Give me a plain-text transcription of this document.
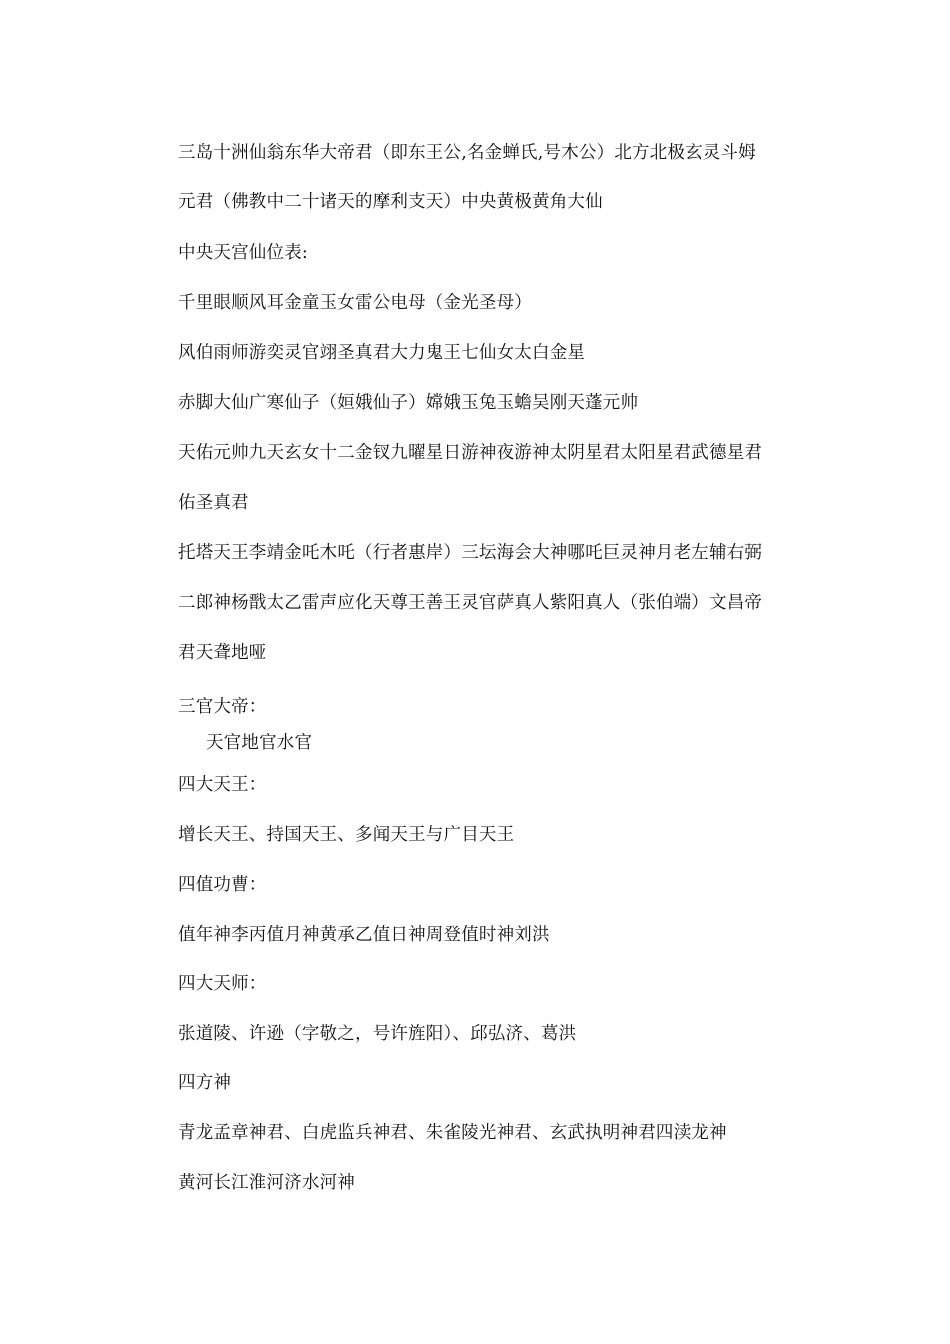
三岛十洲仙翁东华大帝君（即东王公,名金蝉氏,号木公）北方北极玄灵斗姆
元君（佛教中二十诸天的摩利支天）中央黄极黄角大仙
中央天宫仙位表:
千里眼顺风耳金童玉女雷公电母（金光圣母）
风伯雨师游奕灵官翊圣真君大力鬼王七仙女太白金星
赤脚大仙广寒仙子（姮娥仙子）嫦娥玉兔玉蟾吴刚天蓬元帅
天佑元帅九天玄女十二金钗九曜星日游神夜游神太阴星君太阳星君武德星君
佑圣真君
托塔天王李靖金吒木吒（行者惠岸）三坛海会大神哪吒巨灵神月老左辅右弼
二郎神杨戬太乙雷声应化天尊王善王灵官萨真人紫阳真人（张伯端）文昌帝
君天聋地哑
三官大帝：
天官地官水官
四大天王：
增长天王、持国天王、多闻天王与广目天王
四值功曹：
值年神李丙值月神黄承乙值日神周登值时神刘洪
四大天师：
张道陵、许逊（字敬之，号许旌阳）、邱弘济、葛洪
四方神
青龙孟章神君、白虎监兵神君、朱雀陵光神君、玄武执明神君四渎龙神
黄河长江淮河济水河神
